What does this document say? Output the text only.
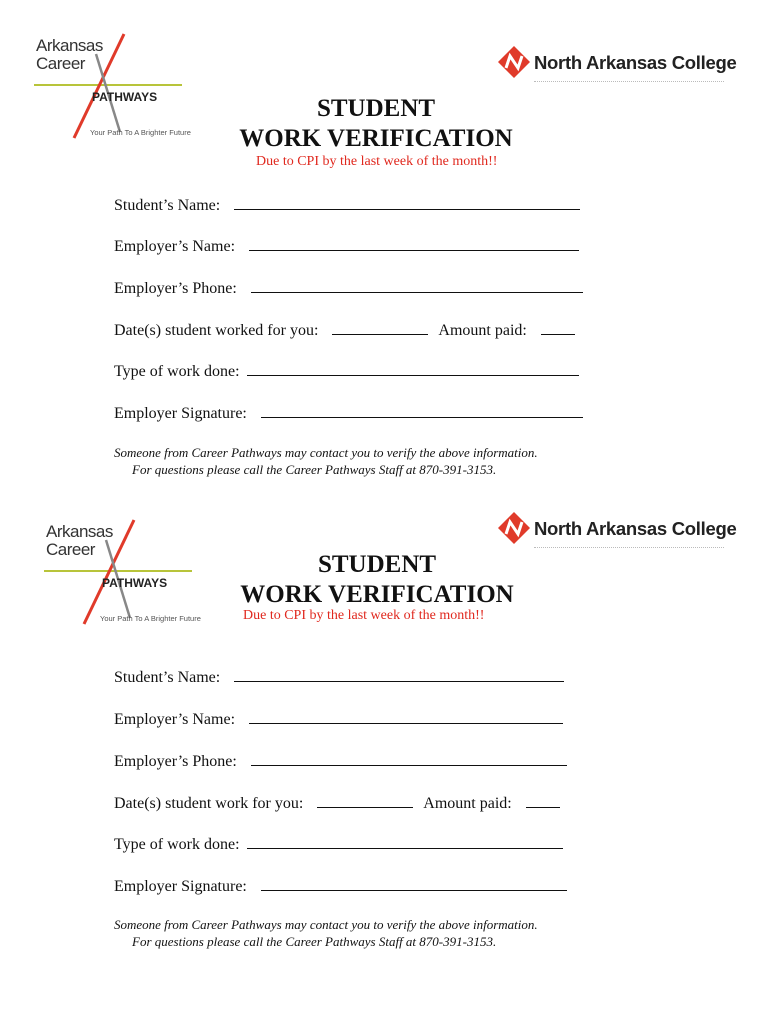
Arkansas
Career
PATHWAYS
Your Path To A Brighter Future
North Arkansas College
STUDENT
WORK VERIFICATION
Due to CPI by the last week of the month!!
Student’s Name:
Employer’s Name:
Employer’s Phone:
Date(s) student worked for you:	Amount paid:
Type of work done:
Employer Signature:
Someone from Career Pathways may contact you to verify the above information.
For questions please call the Career Pathways Staff at 870-391-3153.
Arkansas
Career
PATHWAYS
Your Path To A Brighter Future
North Arkansas College
STUDENT
WORK VERIFICATION
Due to CPI by the last week of the month!!
Student’s Name:
Employer’s Name:
Employer’s Phone:
Date(s) student work for you:	Amount paid:
Type of work done:
Employer Signature:
Someone from Career Pathways may contact you to verify the above information.
For questions please call the Career Pathways Staff at 870-391-3153.
